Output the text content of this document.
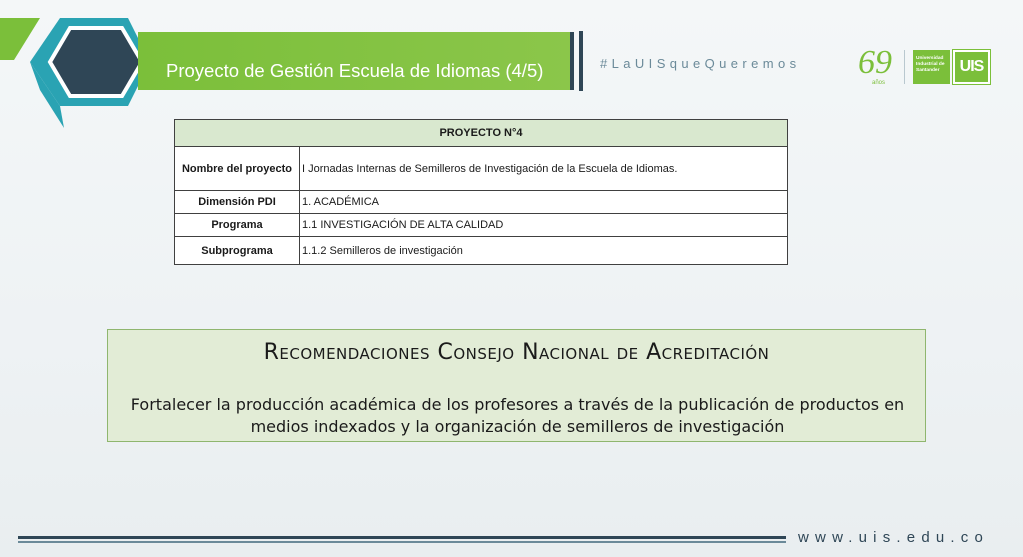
Proyecto de Gestión Escuela de Idiomas (4/5)	#LaUISqueQueremos 69
años
Universidad Industrial de Santander	UIS
PROYECTO N°4	
Nombre del proyecto	I Jornadas Internas de Semilleros de Investigación de la Escuela de Idiomas.
Dimensión PDI	1. ACADÉMICA
Programa	1.1 INVESTIGACIÓN DE ALTA CALIDAD
Subprograma	1.1.2 Semilleros de investigación
Recomendaciones Consejo Nacional de Acreditación
Fortalecer la producción académica de los profesores a través de la publicación de productos en medios indexados y la organización de semilleros de investigación
www.uis.edu.co
